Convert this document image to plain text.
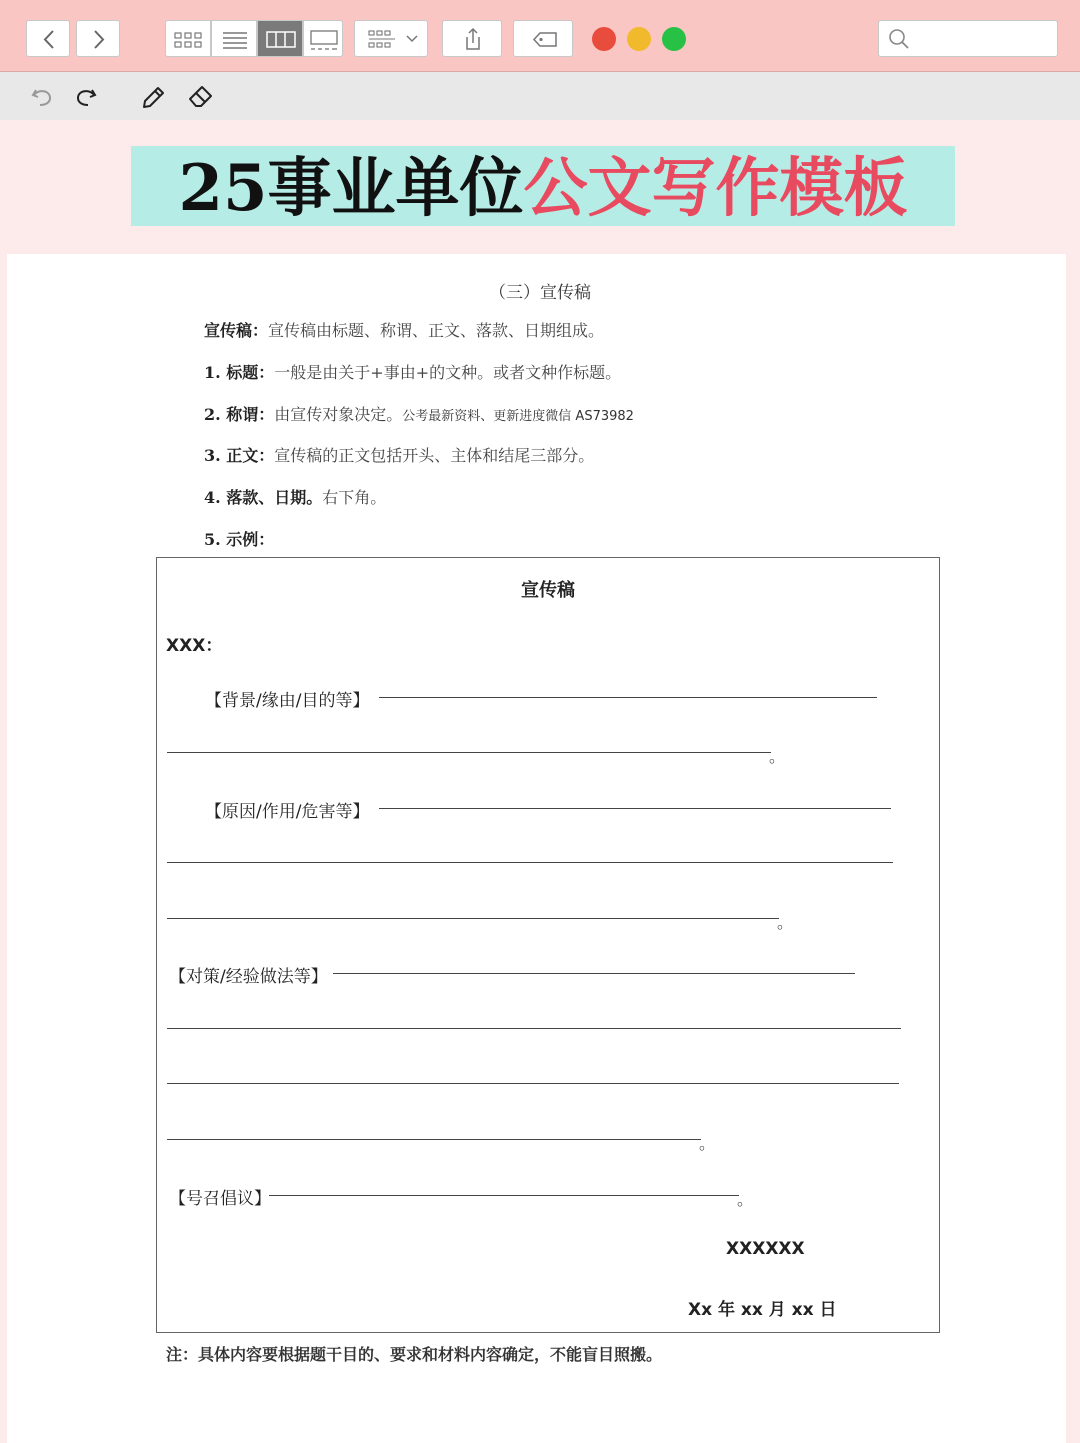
25事业单位公文写作模板
（三）宣传稿
宣传稿：宣传稿由标题、称谓、正文、落款、日期组成。
1. 标题：一般是由关于+事由+的文种。或者文种作标题。
2. 称谓：由宣传对象决定。公考最新资料、更新进度微信 AS73982
3. 正文：宣传稿的正文包括开头、主体和结尾三部分。
4. 落款、日期。右下角。
5. 示例：
宣传稿
XXX：
【背景/缘由/目的等】
。
【原因/作用/危害等】
。
【对策/经验做法等】
。
【号召倡议】	。
XXXXXX
Xx 年 xx 月 xx 日
注：具体内容要根据题干目的、要求和材料内容确定，不能盲目照搬。
